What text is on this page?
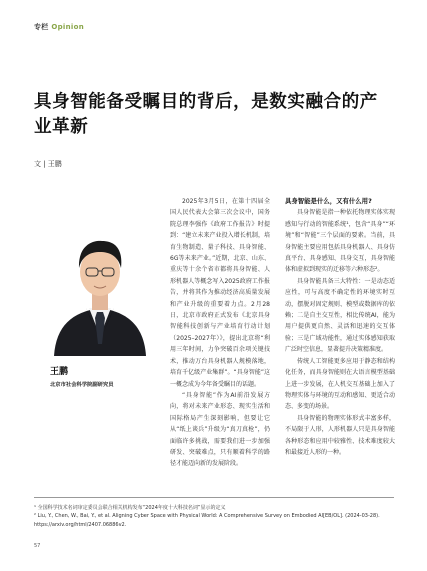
专栏 Opinion
具身智能备受瞩目的背后，是数实融合的产业革新
文 | 王鹏
王鹏
北京市社会科学院副研究员

2025年3月5日，在第十四届全国人民代表大会第三次会议中，国务院总理李强作《政府工作报告》时提到：“建立未来产业投入增长机制，培育生物制造、量子科技、具身智能、6G等未来产业。”近期，北京、山东、重庆等十余个省市都将具身智能、人形机器人等概念写入2025政府工作报告，并将其作为推动经济高质量发展和产业升级的重要着力点。2月28日，北京市政府正式发布《北京具身智能科技创新与产业培育行动计划（2025–2027年）》，提出北京将“利用三年时间，力争突破百余项关键技术，推动万台具身机器人规模落地，培育千亿级产业集群”。“具身智能”这一概念成为今年备受瞩目的话题。

“具身智能”作为AI前沿发展方向，将对未来产业形态、现实生活和国际格局产生深刻影响，但要让它从“纸上谈兵”升级为“真刀真枪”，仍面临许多挑战，需要我们进一步加强研发、突破难点，只有顺着科学的路径才能迈向新的发展阶段。

具身智能是什么，又有什么用?

具身智能是指一种依托物理实体实现感知与行动的智能系统¹，包含“具身”“环境”和“智能”三个层面的要素。当前，具身智能主要应用包括具身机器人、具身仿真平台、具身感知、具身交互，具身智能体和虚拟到现实的迁移等六种形态²。

具身智能具备三大特性：一是动态适应性，可与高度不确定性的环境实时互动，摆脱对固定规则、模型或数据库的依赖；二是自主交互性，相比传统AI，能为用户提供更自然、灵活和迅速的交互体验；三是广域功能性，通过实体感知获取广泛时空信息，显著提升决策精准度。

传统人工智能更多应用于静态和结构化任务，而具身智能则在大语言模型基础上进一步发展，在人机交互基础上加入了物理实体与环境的互动和感知、更适合动态、多变的场景。

具身智能的物理实体形式丰富多样，不局限于人形，人形机器人只是具身智能各种形态和应用中较雅性、技术难度较大和最接近人形的一种。

¹ 全国科学技术名词审定委员会联合相关机构发布“2024年度十大科技名词”显示的定义

² Liu, Y., Chen, W., Bai, Y., et al. Aligning Cyber Space with Physical World: A Comprehensive Survey on Embodied AI[EB/OL]. (2024-03-28). https://arxiv.org/html/2407.06886v2.

57
